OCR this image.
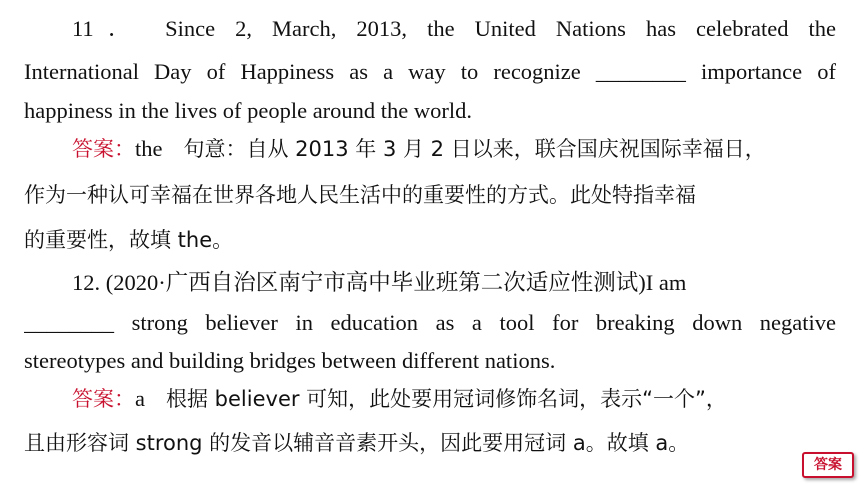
11． Since 2, March, 2013, the United Nations has celebrated the
International Day of Happiness as a way to recognize ________ importance of
happiness in the lives of people around the world.
答案：the　句意：自从 2013 年 3 月 2 日以来，联合国庆祝国际幸福日，
作为一种认可幸福在世界各地人民生活中的重要性的方式。此处特指幸福
的重要性，故填 the。
12. (2020·广西自治区南宁市高中毕业班第二次适应性测试)I am
________ strong believer in education as a tool for breaking down negative
stereotypes and building bridges between different nations.
答案：a　根据 believer 可知，此处要用冠词修饰名词，表示“一个”，
且由形容词 strong 的发音以辅音音素开头，因此要用冠词 a。故填 a。
答案
